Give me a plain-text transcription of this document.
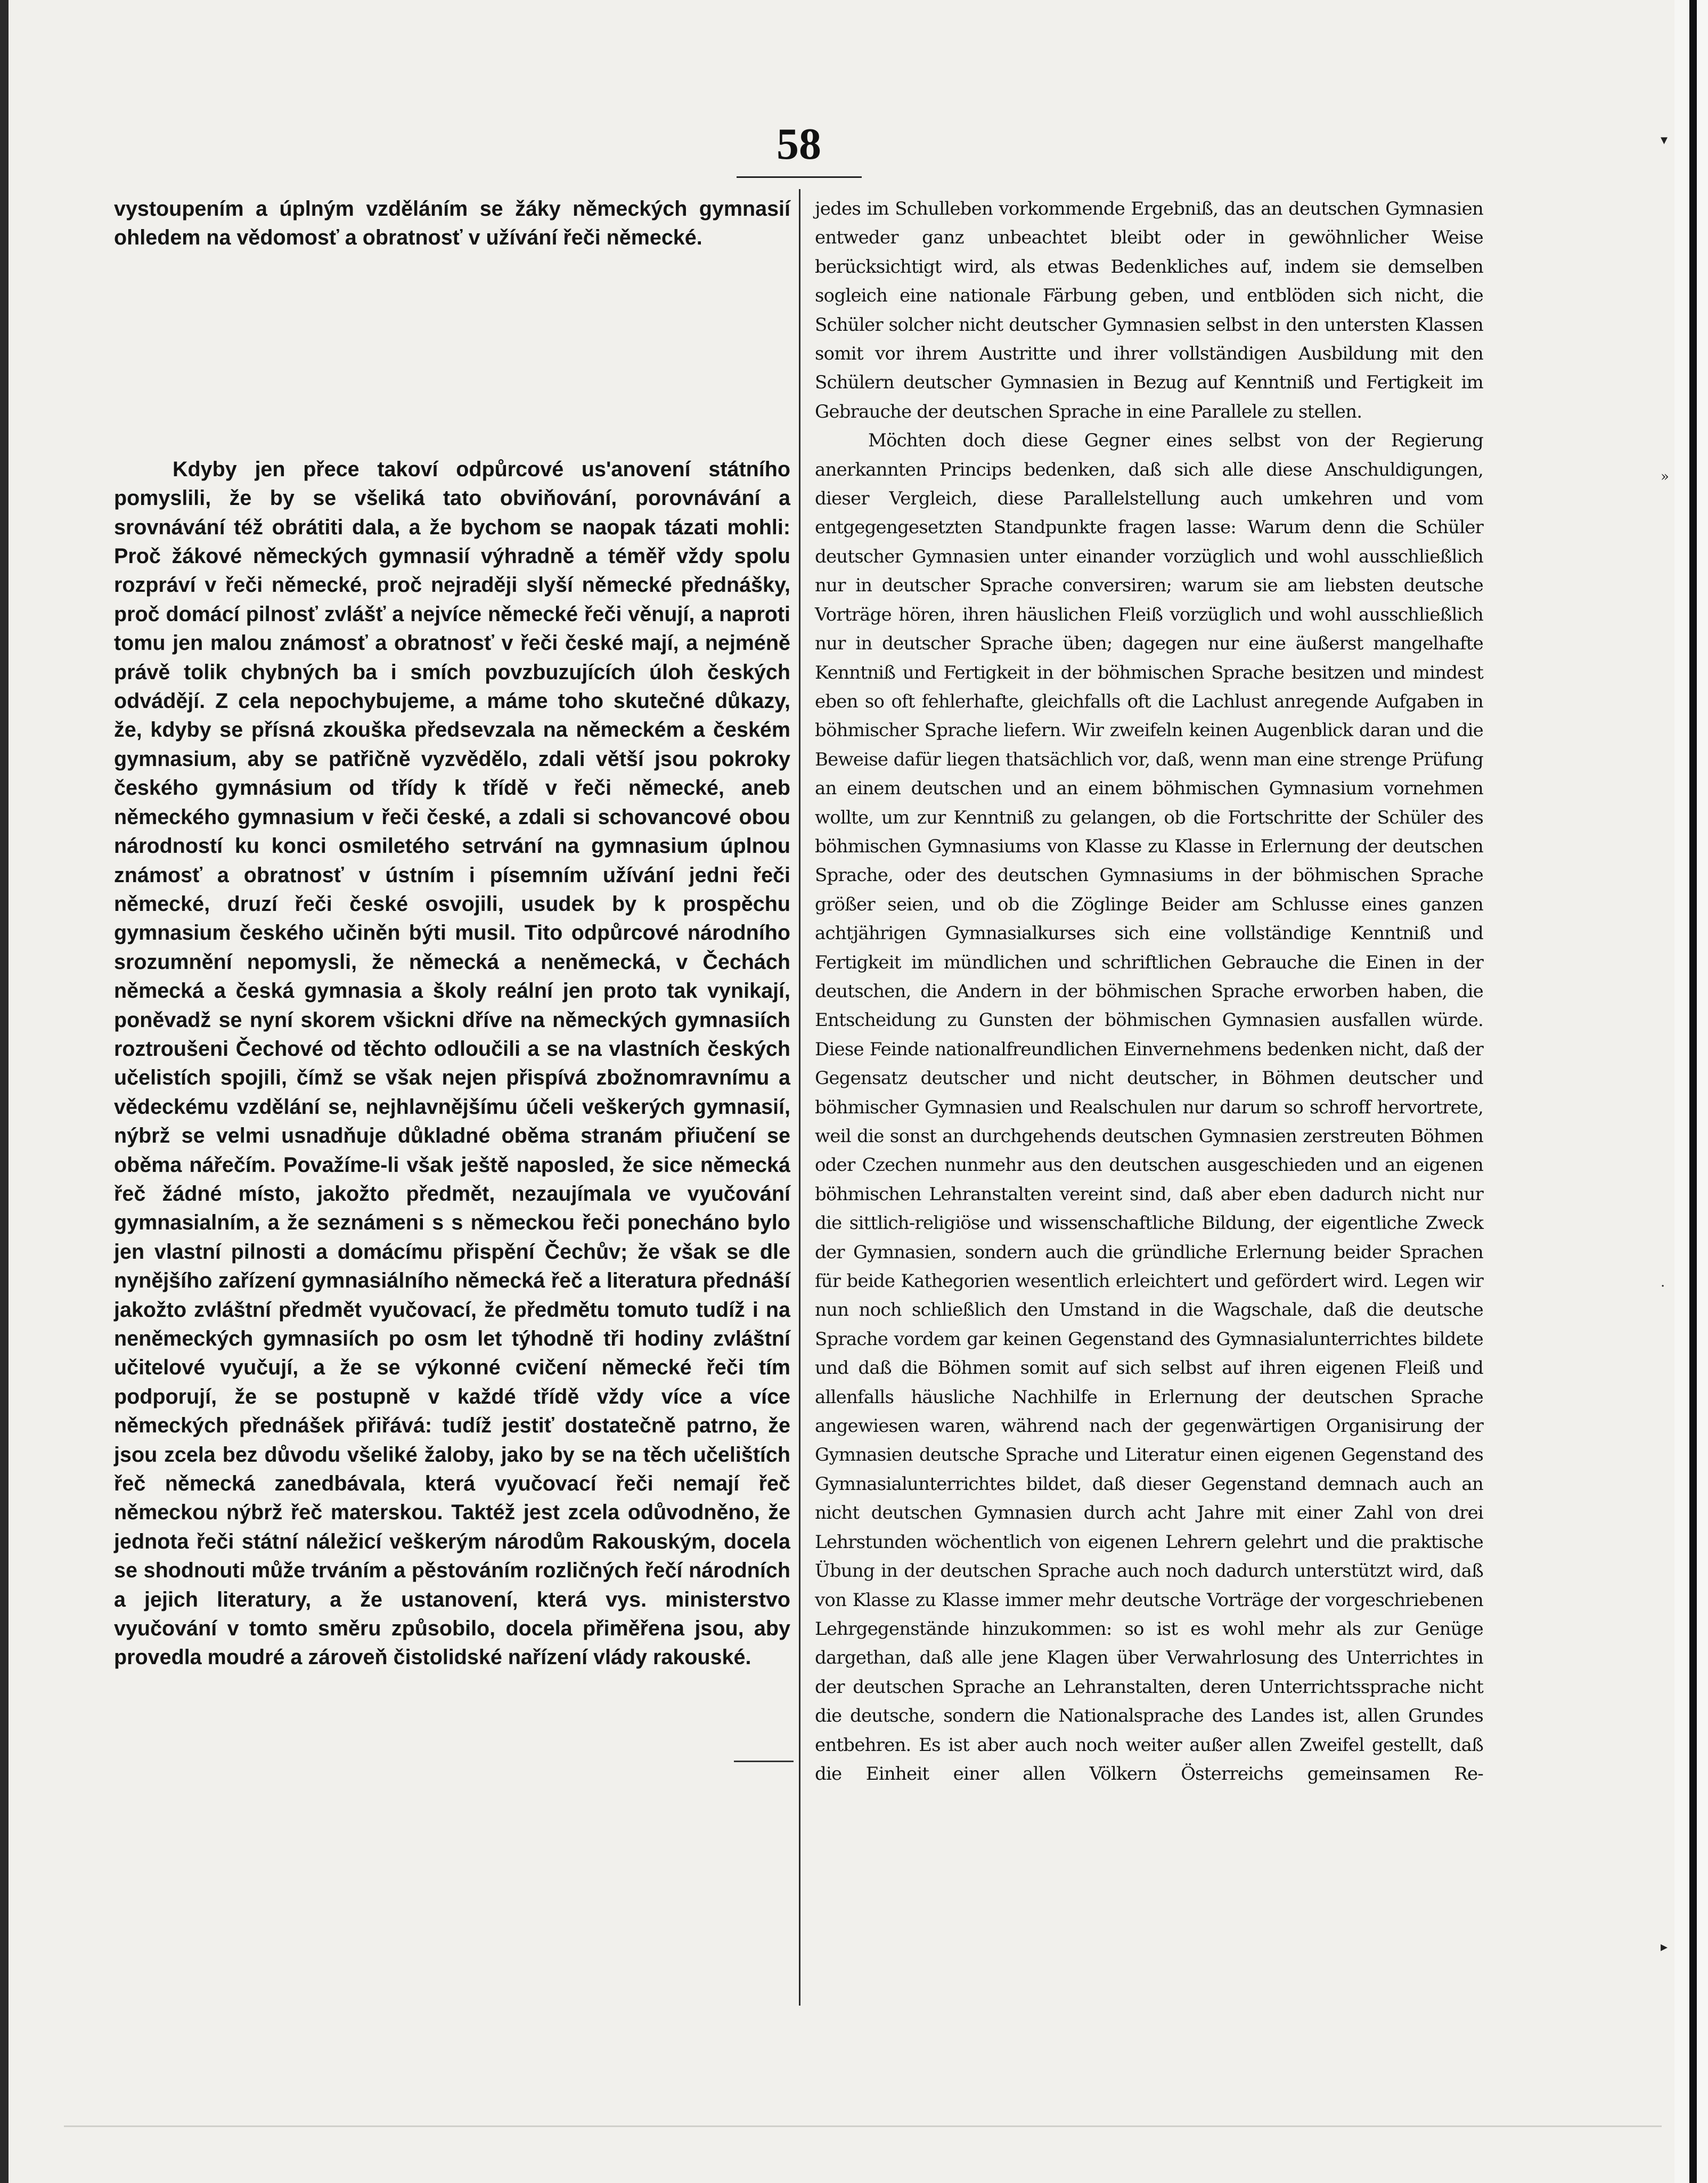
▾
»
·
▸
58

vystoupením a úplným vzděláním se žáky německých gymnasií ohledem na vědomosť a obratnosť v užívání řeči německé.

Kdyby jen přece takoví odpůrcové us'anovení státního pomyslili, že by se všeliká tato obviňování, porovnávání a srovnávání též obrátiti dala, a že bychom se naopak tázati mohli: Proč žákové německých gymnasií výhradně a téměř vždy spolu rozpráví v řeči německé, proč nejraději slyší německé přednášky, proč domácí pilnosť zvlášť a nejvíce německé řeči věnují, a naproti tomu jen malou známosť a obratnosť v řeči české mají, a nejméně právě tolik chybných ba i smích povzbuzujících úloh českých odvádějí. Z cela nepochybujeme, a máme toho skutečné důkazy, že, kdyby se přísná zkouška předsevzala na německém a českém gymnasium, aby se patřičně vyzvědělo, zdali větší jsou pokroky českého gymnásium od třídy k třídě v řeči německé, aneb německého gymnasium v řeči české, a zdali si schovancové obou národností ku konci osmiletého setrvání na gymnasium úplnou známosť a obratnosť v ústním i písemním užívání jedni řeči německé, druzí řeči české osvojili, usudek by k prospěchu gymnasium českého učiněn býti musil. Tito odpůrcové národního srozumnění nepomysli, že německá a neněmecká, v Čechách německá a česká gymnasia a školy reální jen proto tak vynikají, poněvadž se nyní skorem všickni dříve na německých gymnasiích roztroušeni Čechové od těchto odloučili a se na vlastních českých učelistích spojili, čímž se však nejen přispívá zbožnomravnímu a vědeckému vzdělání se, nejhlavnějšímu účeli veškerých gymnasií, nýbrž se velmi usnadňuje důkladné oběma stranám přiučení se oběma nářečím. Považíme-li však ještě naposled, že sice německá řeč žádné místo, jakožto předmět, nezaujímala ve vyučování gymnasialním, a že seznámeni s s německou řeči ponecháno bylo jen vlastní pilnosti a domácímu přispění Čechův; že však se dle nynějšího zařízení gymnasiálního německá řeč a literatura přednáší jakožto zvláštní předmět vyučovací, že předmětu tomuto tudíž i na neněmeckých gymnasiích po osm let týhodně tři hodiny zvláštní učitelové vyučují, a že se výkonné cvičení německé řeči tím podporují, že se postupně v každé třídě vždy více a více německých přednášek přiřává: tudíž jestiť dostatečně patrno, že jsou zcela bez důvodu všeliké žaloby, jako by se na těch učelištích řeč německá zanedbávala, která vyučovací řeči nemají řeč německou nýbrž řeč materskou. Taktéž jest zcela odůvodněno, že jednota řeči státní náležicí veškerým národům Rakouským, docela se shodnouti může trváním a pěstováním rozličných řečí národních a jejich literatury, a že ustanovení, která vys. ministerstvo vyučování v tomto směru způsobilo, docela přiměřena jsou, aby provedla moudré a zároveň čistolidské nařízení vlády rakouské.

jedes im Schulleben vorkommende Ergebniß, das an deutschen Gymnasien entweder ganz unbeachtet bleibt oder in gewöhnlicher Weise berücksichtigt wird, als etwas Bedenkliches auf, indem sie demselben sogleich eine nationale Färbung geben, und entblöden sich nicht, die Schüler solcher nicht deutscher Gymnasien selbst in den untersten Klassen somit vor ihrem Austritte und ihrer vollständigen Ausbildung mit den Schülern deutscher Gymnasien in Bezug auf Kenntniß und Fertigkeit im Gebrauche der deutschen Sprache in eine Parallele zu stellen.

Möchten doch diese Gegner eines selbst von der Regierung anerkannten Princips bedenken, daß sich alle diese Anschuldigungen, dieser Vergleich, diese Parallelstellung auch umkehren und vom entgegengesetzten Standpunkte fragen lasse: Warum denn die Schüler deutscher Gymnasien unter einander vorzüglich und wohl ausschließlich nur in deutscher Sprache conversiren; warum sie am liebsten deutsche Vorträge hören, ihren häuslichen Fleiß vorzüglich und wohl ausschließlich nur in deutscher Sprache üben; dagegen nur eine äußerst mangelhafte Kenntniß und Fertigkeit in der böhmischen Sprache besitzen und mindest eben so oft fehlerhafte, gleichfalls oft die Lachlust anregende Aufgaben in böhmischer Sprache liefern. Wir zweifeln keinen Augenblick daran und die Beweise dafür liegen thatsächlich vor, daß, wenn man eine strenge Prüfung an einem deutschen und an einem böhmischen Gymnasium vornehmen wollte, um zur Kenntniß zu gelangen, ob die Fortschritte der Schüler des böhmischen Gymnasiums von Klasse zu Klasse in Erlernung der deutschen Sprache, oder des deutschen Gymnasiums in der böhmischen Sprache größer seien, und ob die Zöglinge Beider am Schlusse eines ganzen achtjährigen Gymnasialkurses sich eine vollständige Kenntniß und Fertigkeit im mündlichen und schriftlichen Gebrauche die Einen in der deutschen, die Andern in der böhmischen Sprache erworben haben, die Entscheidung zu Gunsten der böhmischen Gymnasien ausfallen würde. Diese Feinde nationalfreundlichen Einvernehmens bedenken nicht, daß der Gegensatz deutscher und nicht deutscher, in Böhmen deutscher und böhmischer Gymnasien und Realschulen nur darum so schroff hervortrete, weil die sonst an durchgehends deutschen Gymnasien zerstreuten Böhmen oder Czechen nunmehr aus den deutschen ausgeschieden und an eigenen böhmischen Lehranstalten vereint sind, daß aber eben dadurch nicht nur die sittlich-religiöse und wissenschaftliche Bildung, der eigentliche Zweck der Gymnasien, sondern auch die gründliche Erlernung beider Sprachen für beide Kathegorien wesentlich erleichtert und gefördert wird. Legen wir nun noch schließlich den Umstand in die Wagschale, daß die deutsche Sprache vordem gar keinen Gegenstand des Gymnasialunterrichtes bildete und daß die Böhmen somit auf sich selbst auf ihren eigenen Fleiß und allenfalls häusliche Nachhilfe in Erlernung der deutschen Sprache angewiesen waren, während nach der gegenwärtigen Organisirung der Gymnasien deutsche Sprache und Literatur einen eigenen Gegenstand des Gymnasialunterrichtes bildet, daß dieser Gegenstand demnach auch an nicht deutschen Gymnasien durch acht Jahre mit einer Zahl von drei Lehrstunden wöchentlich von eigenen Lehrern gelehrt und die praktische Übung in der deutschen Sprache auch noch dadurch unterstützt wird, daß von Klasse zu Klasse immer mehr deutsche Vorträge der vorgeschriebenen Lehrgegenstände hinzukommen: so ist es wohl mehr als zur Genüge dargethan, daß alle jene Klagen über Verwahrlosung des Unterrichtes in der deutschen Sprache an Lehranstalten, deren Unterrichtssprache nicht die deutsche, sondern die Nationalsprache des Landes ist, allen Grundes entbehren. Es ist aber auch noch weiter außer allen Zweifel gestellt, daß die Einheit einer allen Völkern Österreichs gemeinsamen Re-
